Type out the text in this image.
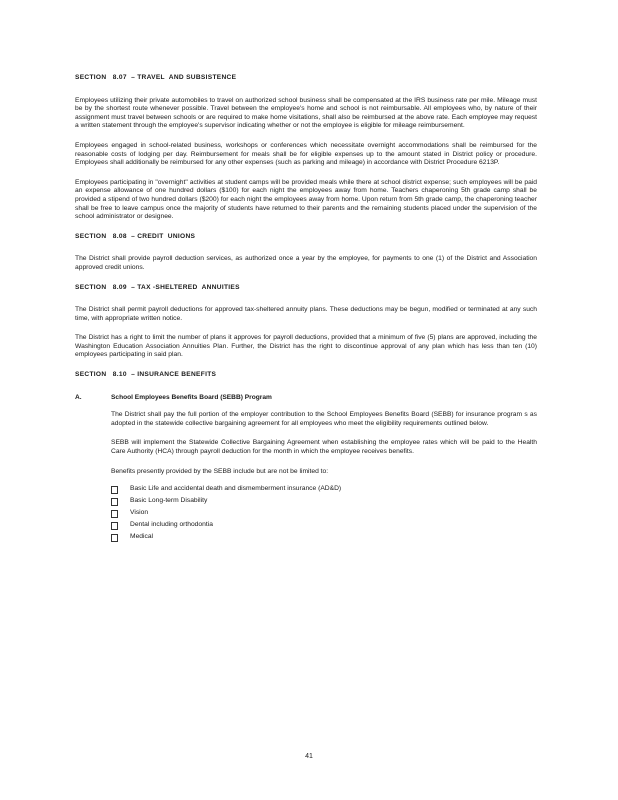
SECTION   8.07  – TRAVEL  AND SUBSISTENCE

Employees utilizing their private automobiles to travel on authorized school business shall be compensated at the IRS business rate per mile. Mileage must be by the shortest route whenever possible. Travel between the employee's home and school is not reimbursable. All employees who, by nature of their assignment must travel between schools or are required to make home visitations, shall also be reimbursed at the above rate. Each employee may request a written statement through the employee's supervisor indicating whether or not the employee is eligible for mileage reimbursement.

Employees engaged in school-related business, workshops or conferences which necessitate overnight accommodations shall be reimbursed for the reasonable costs of lodging per day. Reimbursement for meals shall be for eligible expenses up to the amount stated in District policy or procedure. Employees shall additionally be reimbursed for any other expenses (such as parking and mileage) in accordance with District Procedure 6213P.

Employees participating in "overnight" activities at student camps will be provided meals while there at school district expense; such employees will be paid an expense allowance of one hundred dollars ($100) for each night the employees away from home. Teachers chaperoning 5th grade camp shall be provided a stipend of two hundred dollars ($200) for each night the employees away from home. Upon return from 5th grade camp, the chaperoning teacher shall be free to leave campus once the majority of students have returned to their parents and the remaining students placed under the supervision of the school administrator or designee.

SECTION   8.08  – CREDIT  UNIONS

The District shall provide payroll deduction services, as authorized once a year by the employee, for payments to one (1) of the District and Association approved credit unions.

SECTION   8.09  – TAX -SHELTERED  ANNUITIES

The District shall permit payroll deductions for approved tax-sheltered annuity plans. These deductions may be begun, modified or terminated at any such time, with appropriate written notice.

The District has a right to limit the number of plans it approves for payroll deductions, provided that a minimum of five (5) plans are approved, including the Washington Education Association Annuities Plan. Further, the District has the right to discontinue approval of any plan which has less than ten (10) employees participating in said plan.

SECTION   8.10  – INSURANCE BENEFITS
A.	School Employees Benefits Board (SEBB) Program

The District shall pay the full portion of the employer contribution to the School Employees Benefits Board (SEBB) for insurance program s as adopted in the statewide collective bargaining agreement for all employees who meet the eligibility requirements outlined below.

SEBB will implement the Statewide Collective Bargaining Agreement when establishing the employee rates which will be paid to the Health Care Authority (HCA) through payroll deduction for the month in which the employee receives benefits.

Benefits presently provided by the SEBB include but are not be limited to:

Basic Life and accidental death and dismemberment insurance (AD&D)
Basic Long-term Disability
Vision
Dental including orthodontia
Medical
41
